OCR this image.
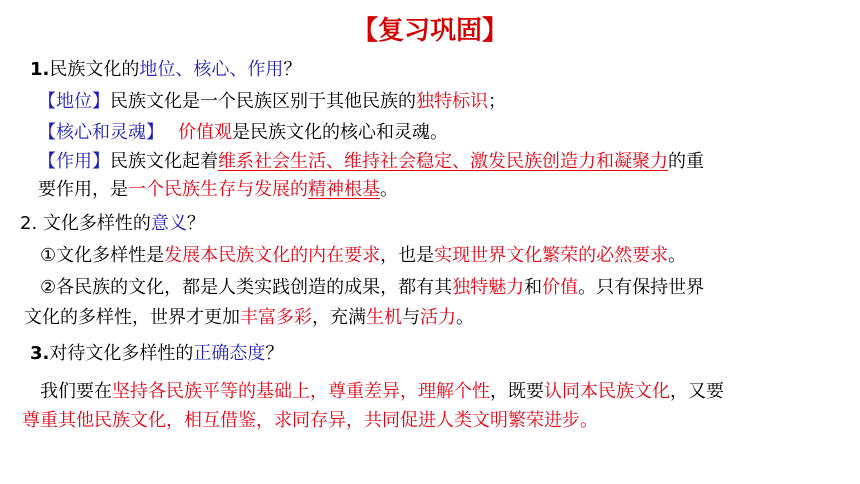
【复习巩固】
1.民族文化的地位、核心、作用？
【地位】民族文化是一个民族区别于其他民族的独特标识；
【核心和灵魂】 价值观是民族文化的核心和灵魂。
【作用】民族文化起着维系社会生活、维持社会稳定、激发民族创造力和凝聚力的重
要作用，是一个民族生存与发展的精神根基。
2. 文化多样性的意义？
①文化多样性是发展本民族文化的内在要求，也是实现世界文化繁荣的必然要求。
②各民族的文化，都是人类实践创造的成果，都有其独特魅力和价值。只有保持世界
文化的多样性，世界才更加丰富多彩，充满生机与活力。
3.对待文化多样性的正确态度？
我们要在坚持各民族平等的基础上，尊重差异，理解个性，既要认同本民族文化，又要
尊重其他民族文化，相互借鉴，求同存异，共同促进人类文明繁荣进步。
